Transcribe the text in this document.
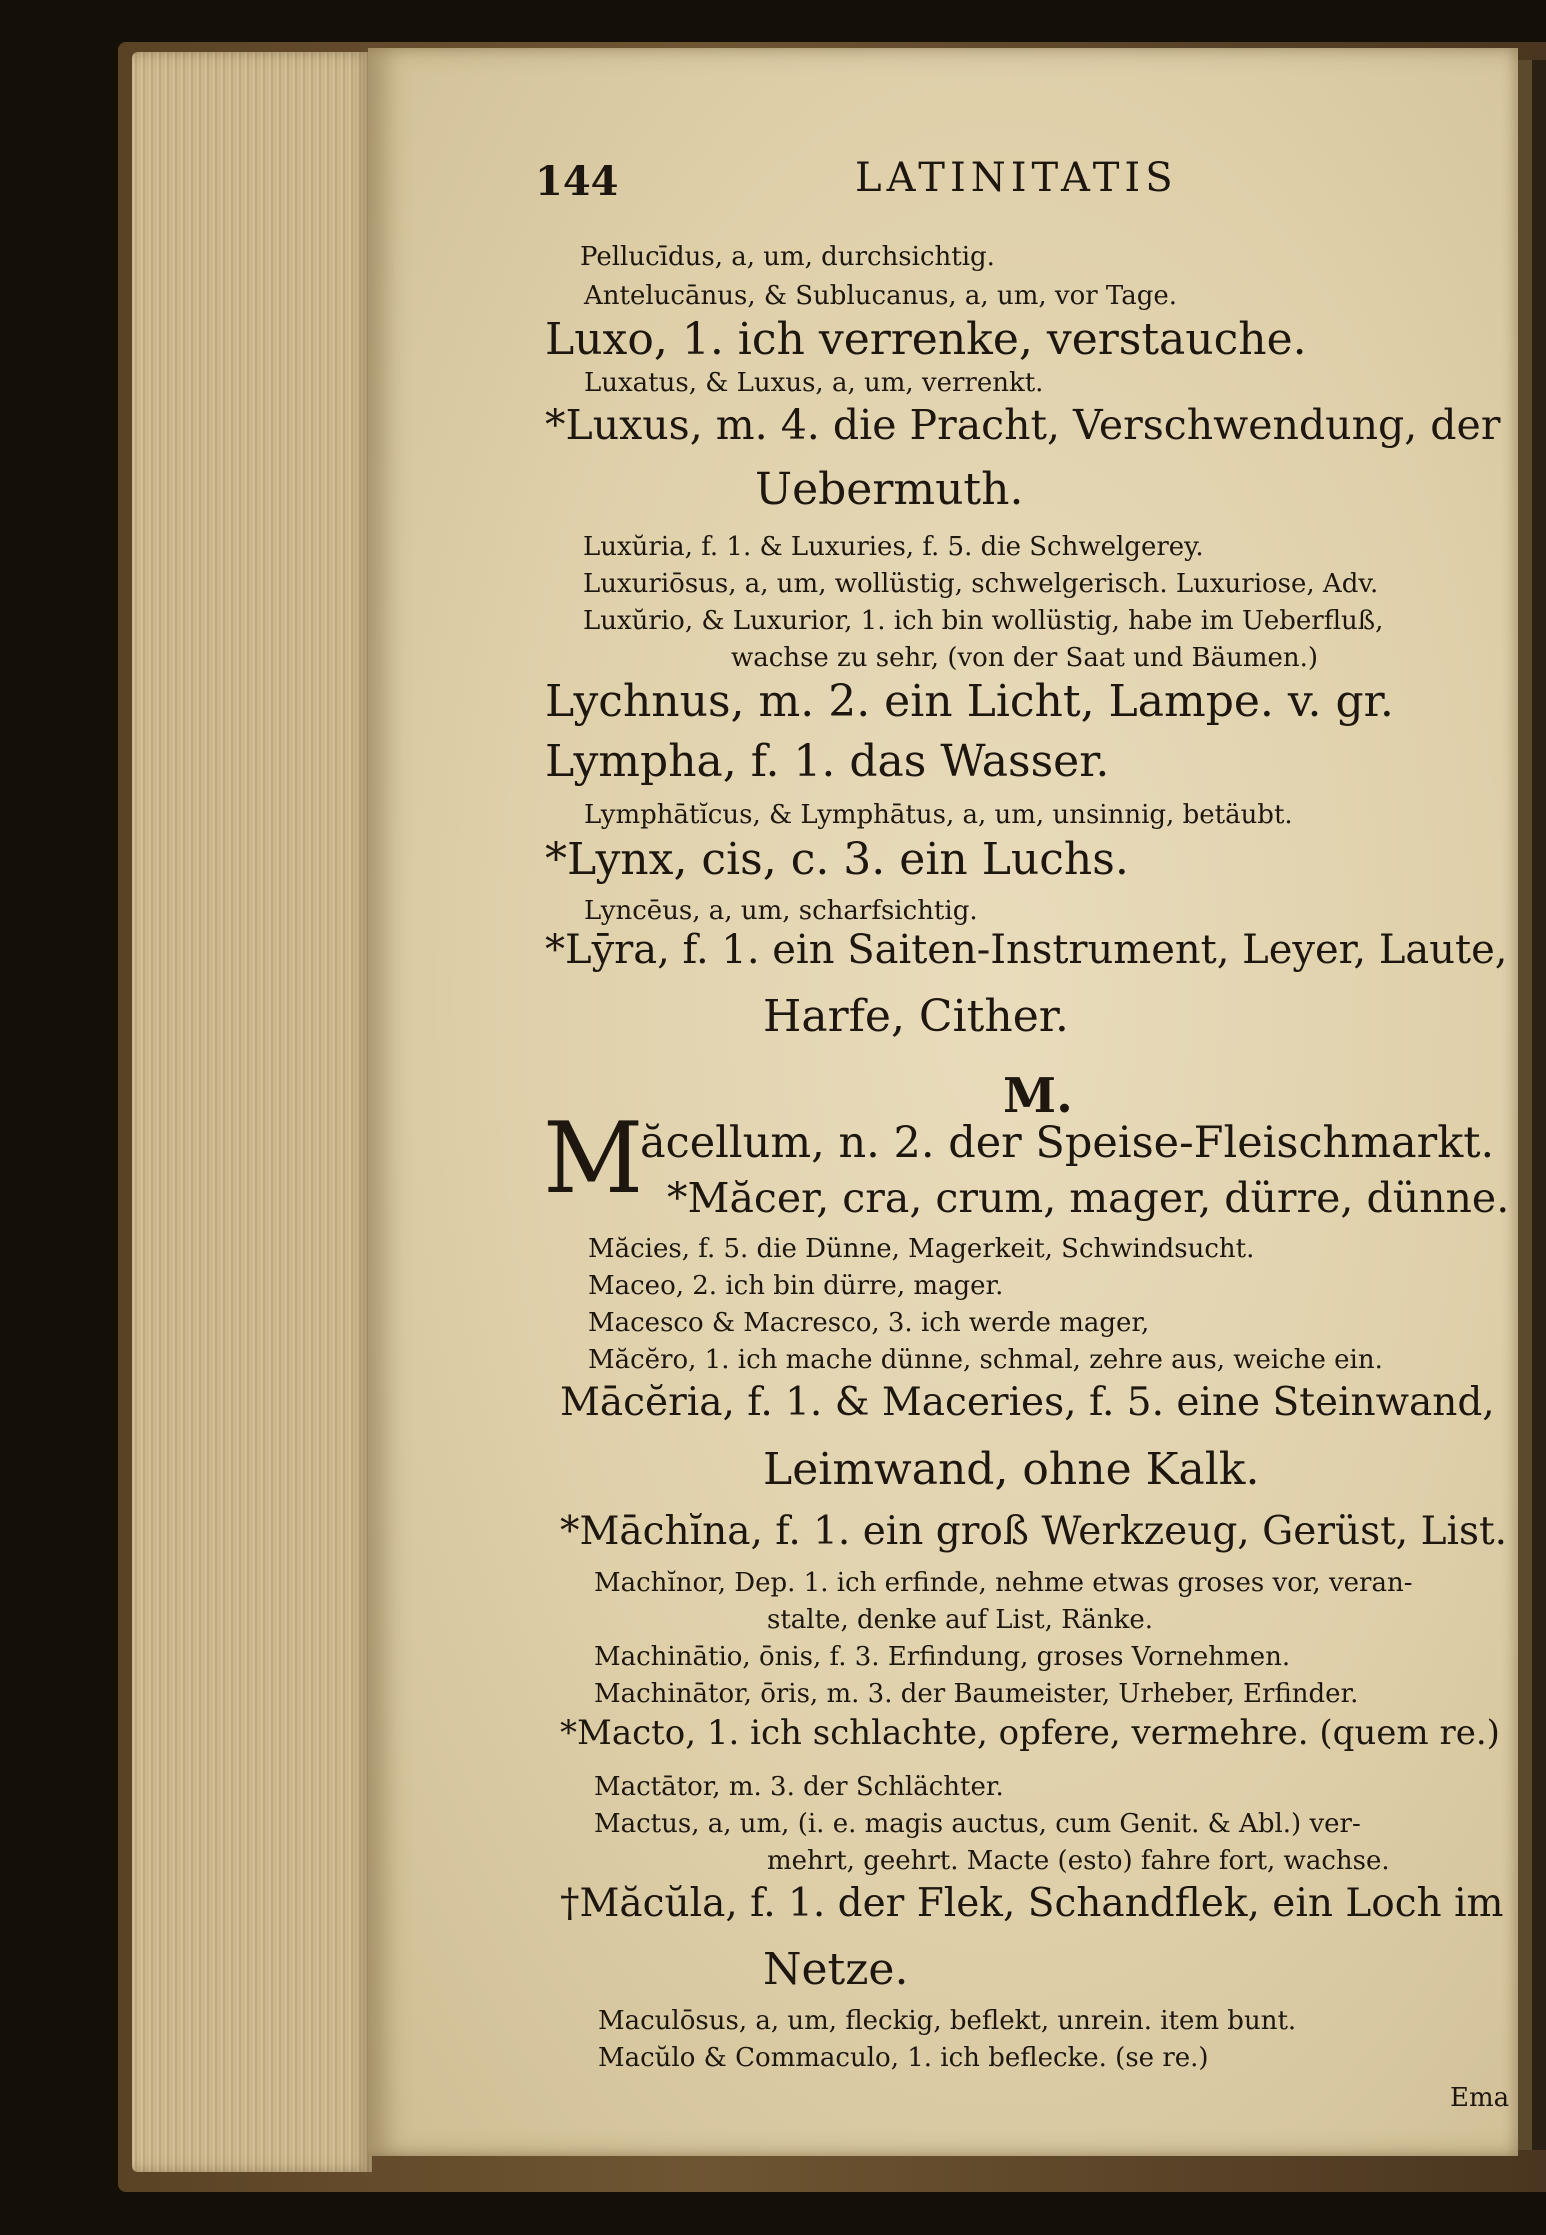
144	LATINITATIS
Pellucīdus, a, um, durchsichtig.
Antelucānus, & Sublucanus, a, um, vor Tage.
Luxo, 1. ich verrenke, verstauche.
Luxatus, & Luxus, a, um, verrenkt.
*Luxus, m. 4. die Pracht, Verschwendung, der
Uebermuth.
Luxŭria, f. 1. & Luxuries, f. 5. die Schwelgerey.
Luxuriōsus, a, um, wollüstig, schwelgerisch. Luxuriose, Adv.
Luxŭrio, & Luxurior, 1. ich bin wollüstig, habe im Ueberfluß,
wachse zu sehr, (von der Saat und Bäumen.)
Lychnus, m. 2. ein Licht, Lampe. v. gr.
Lympha, f. 1. das Wasser.
Lymphātĭcus, & Lymphātus, a, um, unsinnig, betäubt.
*Lynx, cis, c. 3. ein Luchs.
Lyncēus, a, um, scharfsichtig.
*Lȳra, f. 1. ein Saiten-Instrument, Leyer, Laute,
Harfe, Cither.
M.
M
ăcellum, n. 2. der Speise-Fleischmarkt.
*Măcer, cra, crum, mager, dürre, dünne.
Măcies, f. 5. die Dünne, Magerkeit, Schwindsucht.
Maceo, 2. ich bin dürre, mager.
Macesco & Macresco, 3. ich werde mager,
Măcĕro, 1. ich mache dünne, schmal, zehre aus, weiche ein.
Mācĕria, f. 1. & Maceries, f. 5. eine Steinwand,
Leimwand, ohne Kalk.
*Māchĭna, f. 1. ein groß Werkzeug, Gerüst, List.
Machĭnor, Dep. 1. ich erfinde, nehme etwas groses vor, veran-
stalte, denke auf List, Ränke.
Machinātio, ōnis, f. 3. Erfindung, groses Vornehmen.
Machinātor, ōris, m. 3. der Baumeister, Urheber, Erfinder.
*Macto, 1. ich schlachte, opfere, vermehre. (quem re.)
Mactātor, m. 3. der Schlächter.
Mactus, a, um, (i. e. magis auctus, cum Genit. & Abl.) ver-
mehrt, geehrt. Macte (esto) fahre fort, wachse.
†Măcŭla, f. 1. der Flek, Schandflek, ein Loch im
Netze.
Maculōsus, a, um, fleckig, beflekt, unrein. item bunt.
Macŭlo & Commaculo, 1. ich beflecke. (se re.)
Ema
